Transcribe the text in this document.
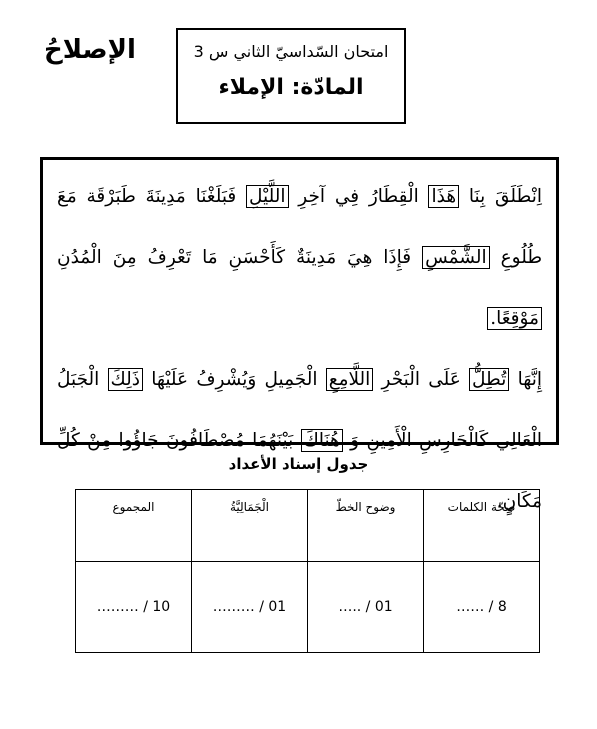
الإصلاحُ	امتحان السّداسيّ الثاني س 3
المادّة: الإملاء

اِنْطَلَقَ بِنَا هَذَا الْقِطَارُ فِي آخِرِ اللَّيْلِ فَبَلَغْنَا مَدِينَةَ طَبَرْقَة مَعَ طُلُوعِ الشَّمْسِ فَإِذَا هِيَ مَدِينَةٌ كَأَحْسَنِ مَا تَعْرِفُ مِنَ الْمُدُنِ مَوْقِعًا.

إِنَّهَا تُطِلُّ عَلَى الْبَحْرِ اللَّامِعِ الْجَمِيلِ وَيُشْرِفُ عَلَيْهَا ذَلِكَ الْجَبَلُ الْعَالِي كَالْحَارِسِ الْأَمِينِ وَ هُنَاكَ بَيْنَهُمَا مُصْطَافُونَ جَاؤُوا مِنْ كُلِّ مَكَانٍ.

جدول إسناد الأعداد
صحّة الكلمات	وضوح الخطّ	الْجَمَالِيَّةُ	المجموع
…… / 8	….. / 01	……… / 01	……… / 10
